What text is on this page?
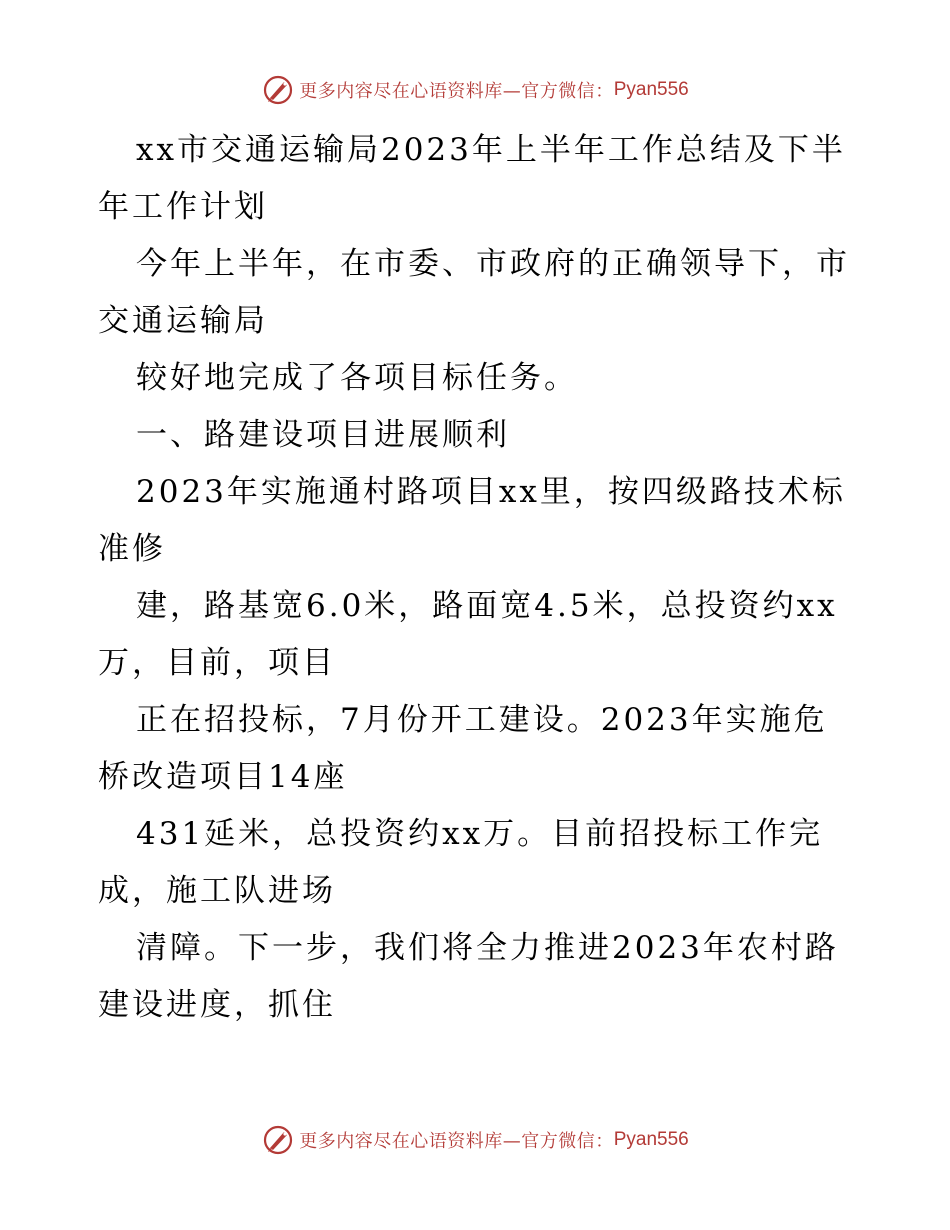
更多内容尽在心语资料库—官方微信： Pyan556

xx市交通运输局2023年上半年工作总结及下半年工作计划

今年上半年，在市委、市政府的正确领导下，市交通运输局

较好地完成了各项目标任务。

一、路建设项目进展顺利

2023年实施通村路项目xx里，按四级路技术标准修

建，路基宽6.0米，路面宽4.5米，总投资约xx万，目前，项目

正在招投标，7月份开工建设。2023年实施危桥改造项目14座

431延米，总投资约xx万。目前招投标工作完成，施工队进场

清障。下一步，我们将全力推进2023年农村路建设进度，抓住

更多内容尽在心语资料库—官方微信： Pyan556
